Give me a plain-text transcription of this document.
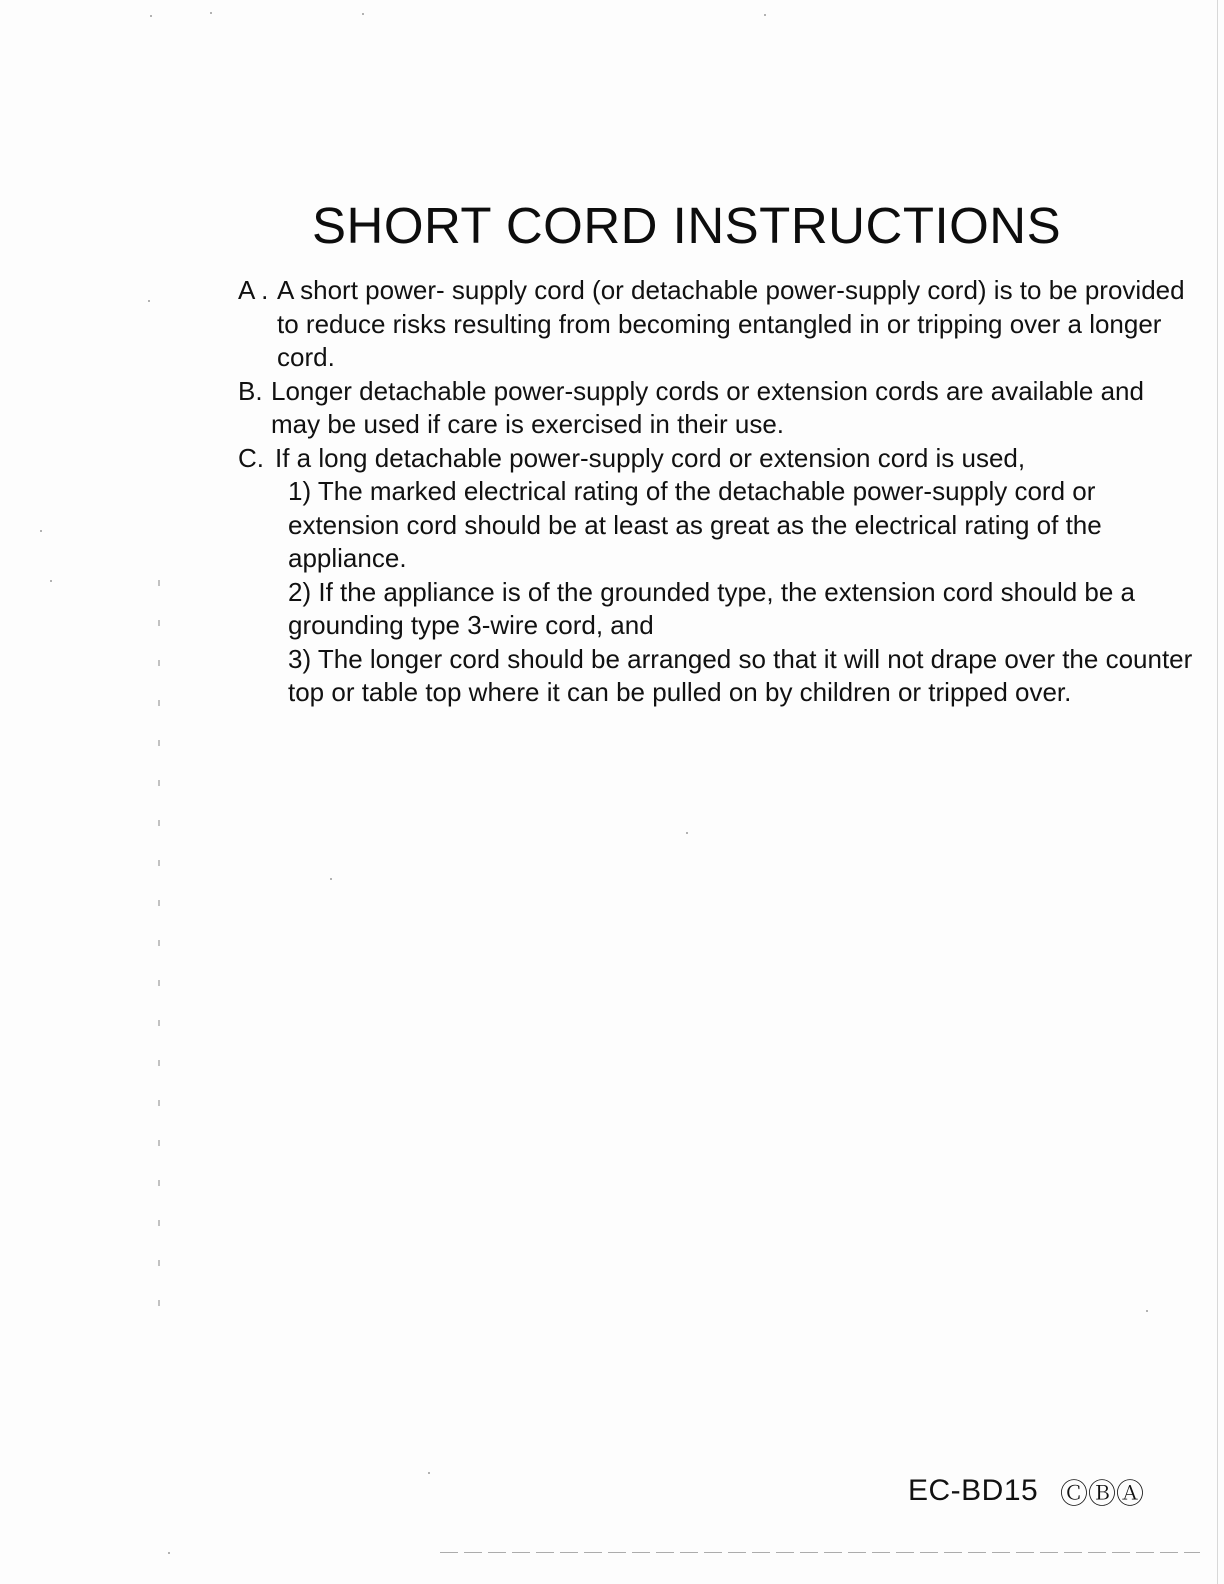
SHORT CORD INSTRUCTIONS
A . A short power- supply cord (or detachable power-supply cord) is to be provided to reduce risks resulting from becoming entangled in or tripping over a longer cord.
B. Longer detachable power-supply cords or extension cords are available and may be used if care is exercised in their use.
C. If a long detachable power-supply cord or extension cord is used,

1) The marked electrical rating of the detachable power-supply cord or extension cord should be at least as great as the electrical rating of the appliance.

2) If the appliance is of the grounded type, the extension cord should be a grounding type 3-wire cord, and

3) The longer cord should be arranged so that it will not drape over the counter top or table top where it can be pulled on by children or tripped over.

EC-BD15 ⒸⒷⒶ
